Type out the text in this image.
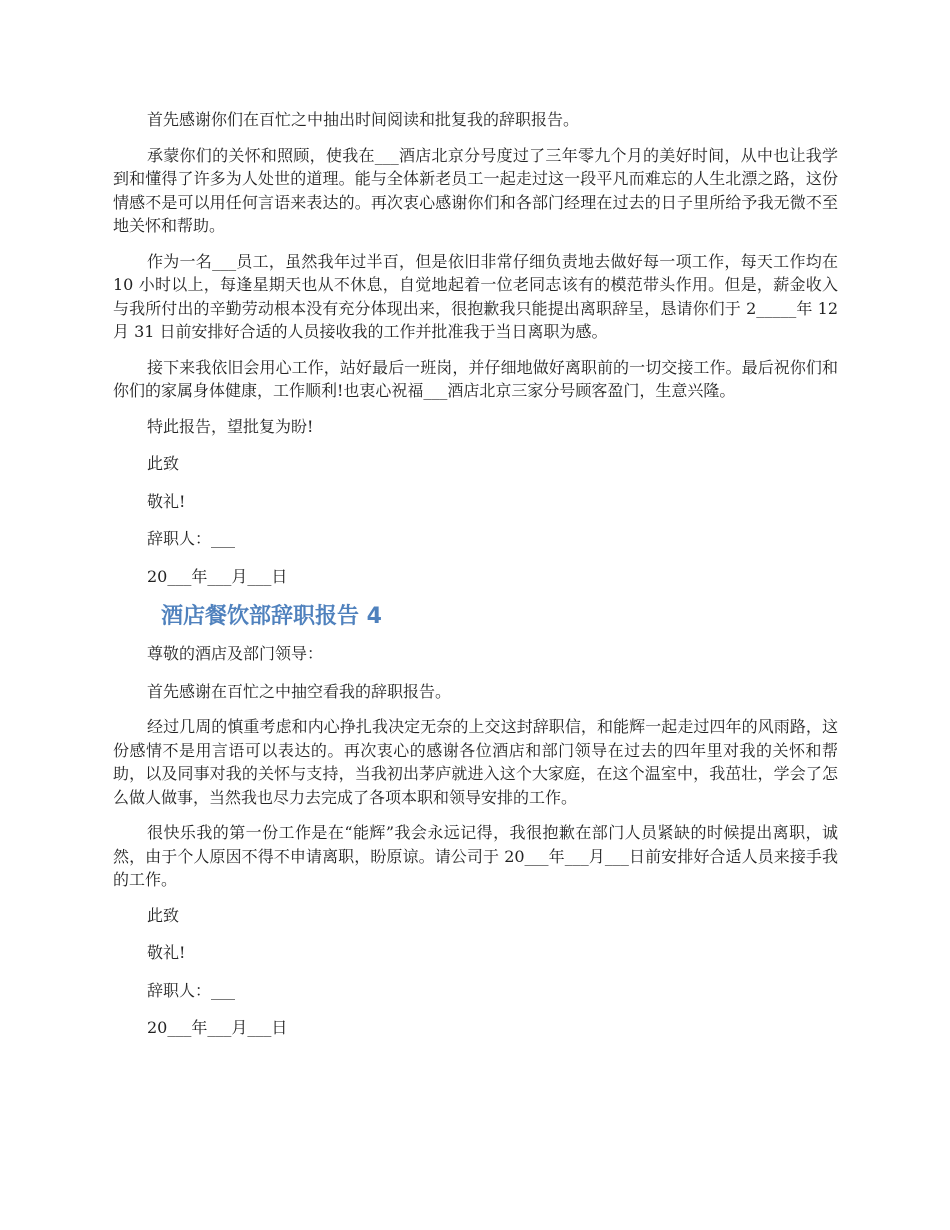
首先感谢你们在百忙之中抽出时间阅读和批复我的辞职报告。

承蒙你们的关怀和照顾，使我在___酒店北京分号度过了三年零九个月的美好时间，从中也让我学到和懂得了许多为人处世的道理。能与全体新老员工一起走过这一段平凡而难忘的人生北漂之路，这份情感不是可以用任何言语来表达的。再次衷心感谢你们和各部门经理在过去的日子里所给予我无微不至地关怀和帮助。

作为一名___员工，虽然我年过半百，但是依旧非常仔细负责地去做好每一项工作，每天工作均在 10 小时以上，每逢星期天也从不休息，自觉地起着一位老同志该有的模范带头作用。但是，薪金收入与我所付出的辛勤劳动根本没有充分体现出来，很抱歉我只能提出离职辞呈，恳请你们于 2_____年 12 月 31 日前安排好合适的人员接收我的工作并批准我于当日离职为感。

接下来我依旧会用心工作，站好最后一班岗，并仔细地做好离职前的一切交接工作。最后祝你们和你们的家属身体健康，工作顺利!也衷心祝福___酒店北京三家分号顾客盈门，生意兴隆。

特此报告，望批复为盼!

此致

敬礼!

辞职人：___

20___年___月___日

酒店餐饮部辞职报告 4

尊敬的酒店及部门领导：

首先感谢在百忙之中抽空看我的辞职报告。

经过几周的慎重考虑和内心挣扎我决定无奈的上交这封辞职信，和能辉一起走过四年的风雨路，这份感情不是用言语可以表达的。再次衷心的感谢各位酒店和部门领导在过去的四年里对我的关怀和帮助，以及同事对我的关怀与支持，当我初出茅庐就进入这个大家庭，在这个温室中，我茁壮，学会了怎么做人做事，当然我也尽力去完成了各项本职和领导安排的工作。

很快乐我的第一份工作是在“能辉”我会永远记得，我很抱歉在部门人员紧缺的时候提出离职，诚然，由于个人原因不得不申请离职，盼原谅。请公司于 20___年___月___日前安排好合适人员来接手我的工作。

此致

敬礼!

辞职人：___

20___年___月___日
